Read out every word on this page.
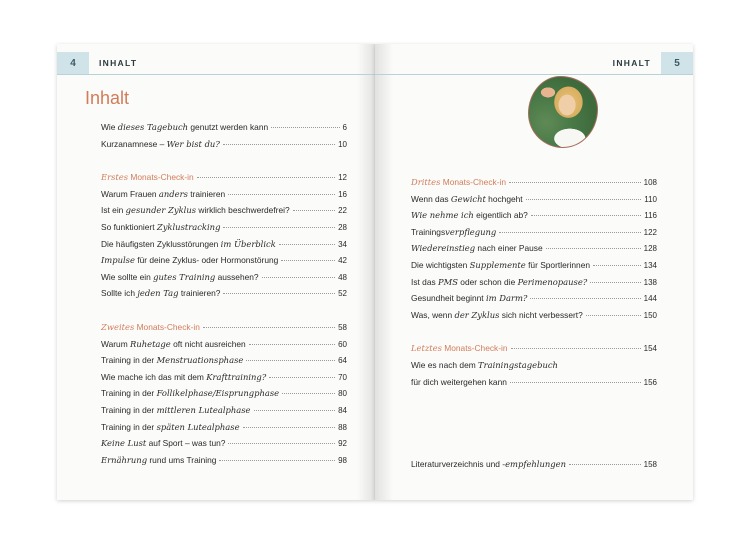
4	INHALT
Inhalt
Wie dieses Tagebuch genutzt werden kann	6
Kurzanamnese – Wer bist du?	10
Erstes Monats-Check-in	12
Warum Frauen anders trainieren	16
Ist ein gesunder Zyklus wirklich beschwerdefrei?	22
So funktioniert Zyklustracking	28
Die häufigsten Zyklusstörungen im Überblick	34
Impulse für deine Zyklus- oder Hormonstörung	42
Wie sollte ein gutes Training aussehen?	48
Sollte ich jeden Tag trainieren?	52
Zweites Monats-Check-in	58
Warum Ruhetage oft nicht ausreichen	60
Training in der Menstruationsphase	64
Wie mache ich das mit dem Krafttraining?	70
Training in der Follikelphase/Eisprungphase	80
Training in der mittleren Lutealphase	84
Training in der späten Lutealphase	88
Keine Lust auf Sport – was tun?	92
Ernährung rund ums Training	98
INHALT	5
Drittes Monats-Check-in	108
Wenn das Gewicht hochgeht	110
Wie nehme ich eigentlich ab?	116
Trainingsverpflegung	122
Wiedereinstieg nach einer Pause	128
Die wichtigsten Supplemente für Sportlerinnen	134
Ist das PMS oder schon die Perimenopause?	138
Gesundheit beginnt im Darm?	144
Was, wenn der Zyklus sich nicht verbessert?	150
Letztes Monats-Check-in	154
Wie es nach dem Trainingstagebuch
für dich weitergehen kann	156
Literaturverzeichnis und -empfehlungen	158
